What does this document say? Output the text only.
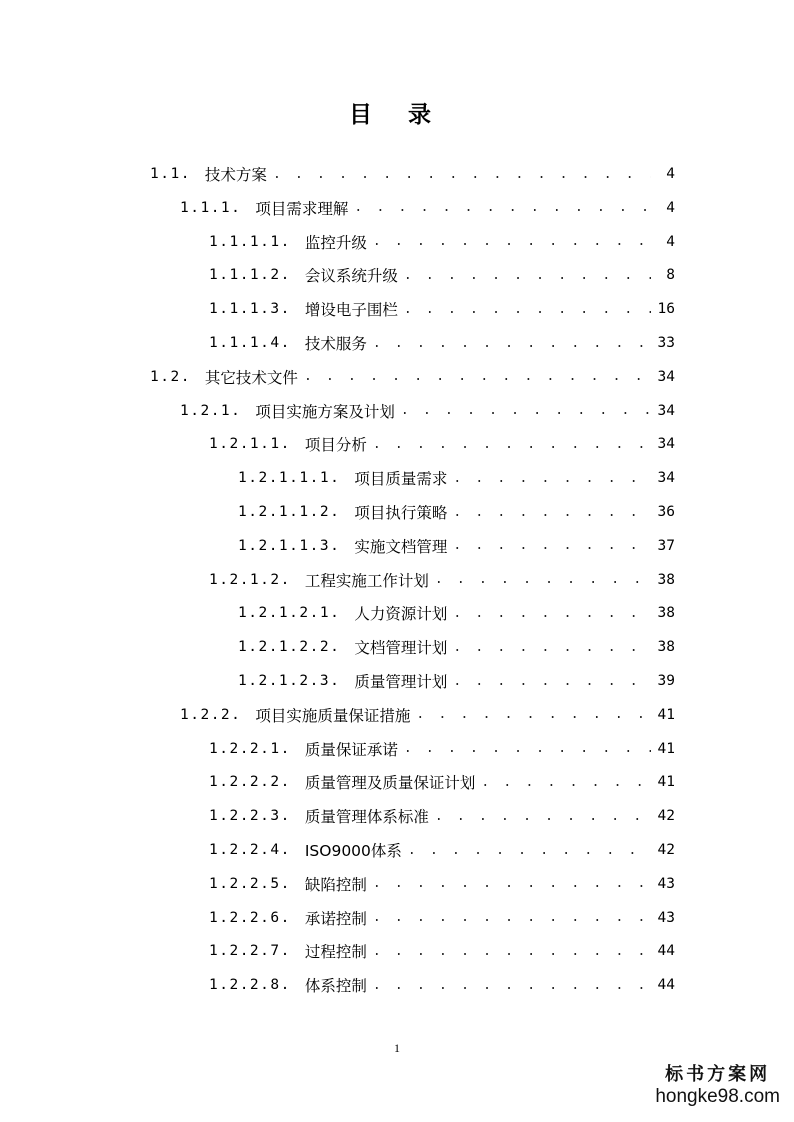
目 录
1.1. 技术方案 . . .	4
1.1.1. 项目需求理解 . . .	4
1.1.1.1. 监控升级 . . .	4
1.1.1.2. 会议系统升级 . . .	8
1.1.1.3. 增设电子围栏 . . .	16
1.1.1.4. 技术服务 . . .	33
1.2. 其它技术文件 . . .	34
1.2.1. 项目实施方案及计划 . . .	34
1.2.1.1. 项目分析 . . .	34
1.2.1.1.1. 项目质量需求 . . .	34
1.2.1.1.2. 项目执行策略 . . .	36
1.2.1.1.3. 实施文档管理 . . .	37
1.2.1.2. 工程实施工作计划 . . .	38
1.2.1.2.1. 人力资源计划 . . .	38
1.2.1.2.2. 文档管理计划 . . .	38
1.2.1.2.3. 质量管理计划 . . .	39
1.2.2. 项目实施质量保证措施 . . .	41
1.2.2.1. 质量保证承诺 . . .	41
1.2.2.2. 质量管理及质量保证计划 . . .	41
1.2.2.3. 质量管理体系标准 . . .	42
1.2.2.4. ISO9000体系 . . .	42
1.2.2.5. 缺陷控制 . . .	43
1.2.2.6. 承诺控制 . . .	43
1.2.2.7. 过程控制 . . .	44
1.2.2.8. 体系控制 . . .	44
1
标书方案网
hongke98.com
